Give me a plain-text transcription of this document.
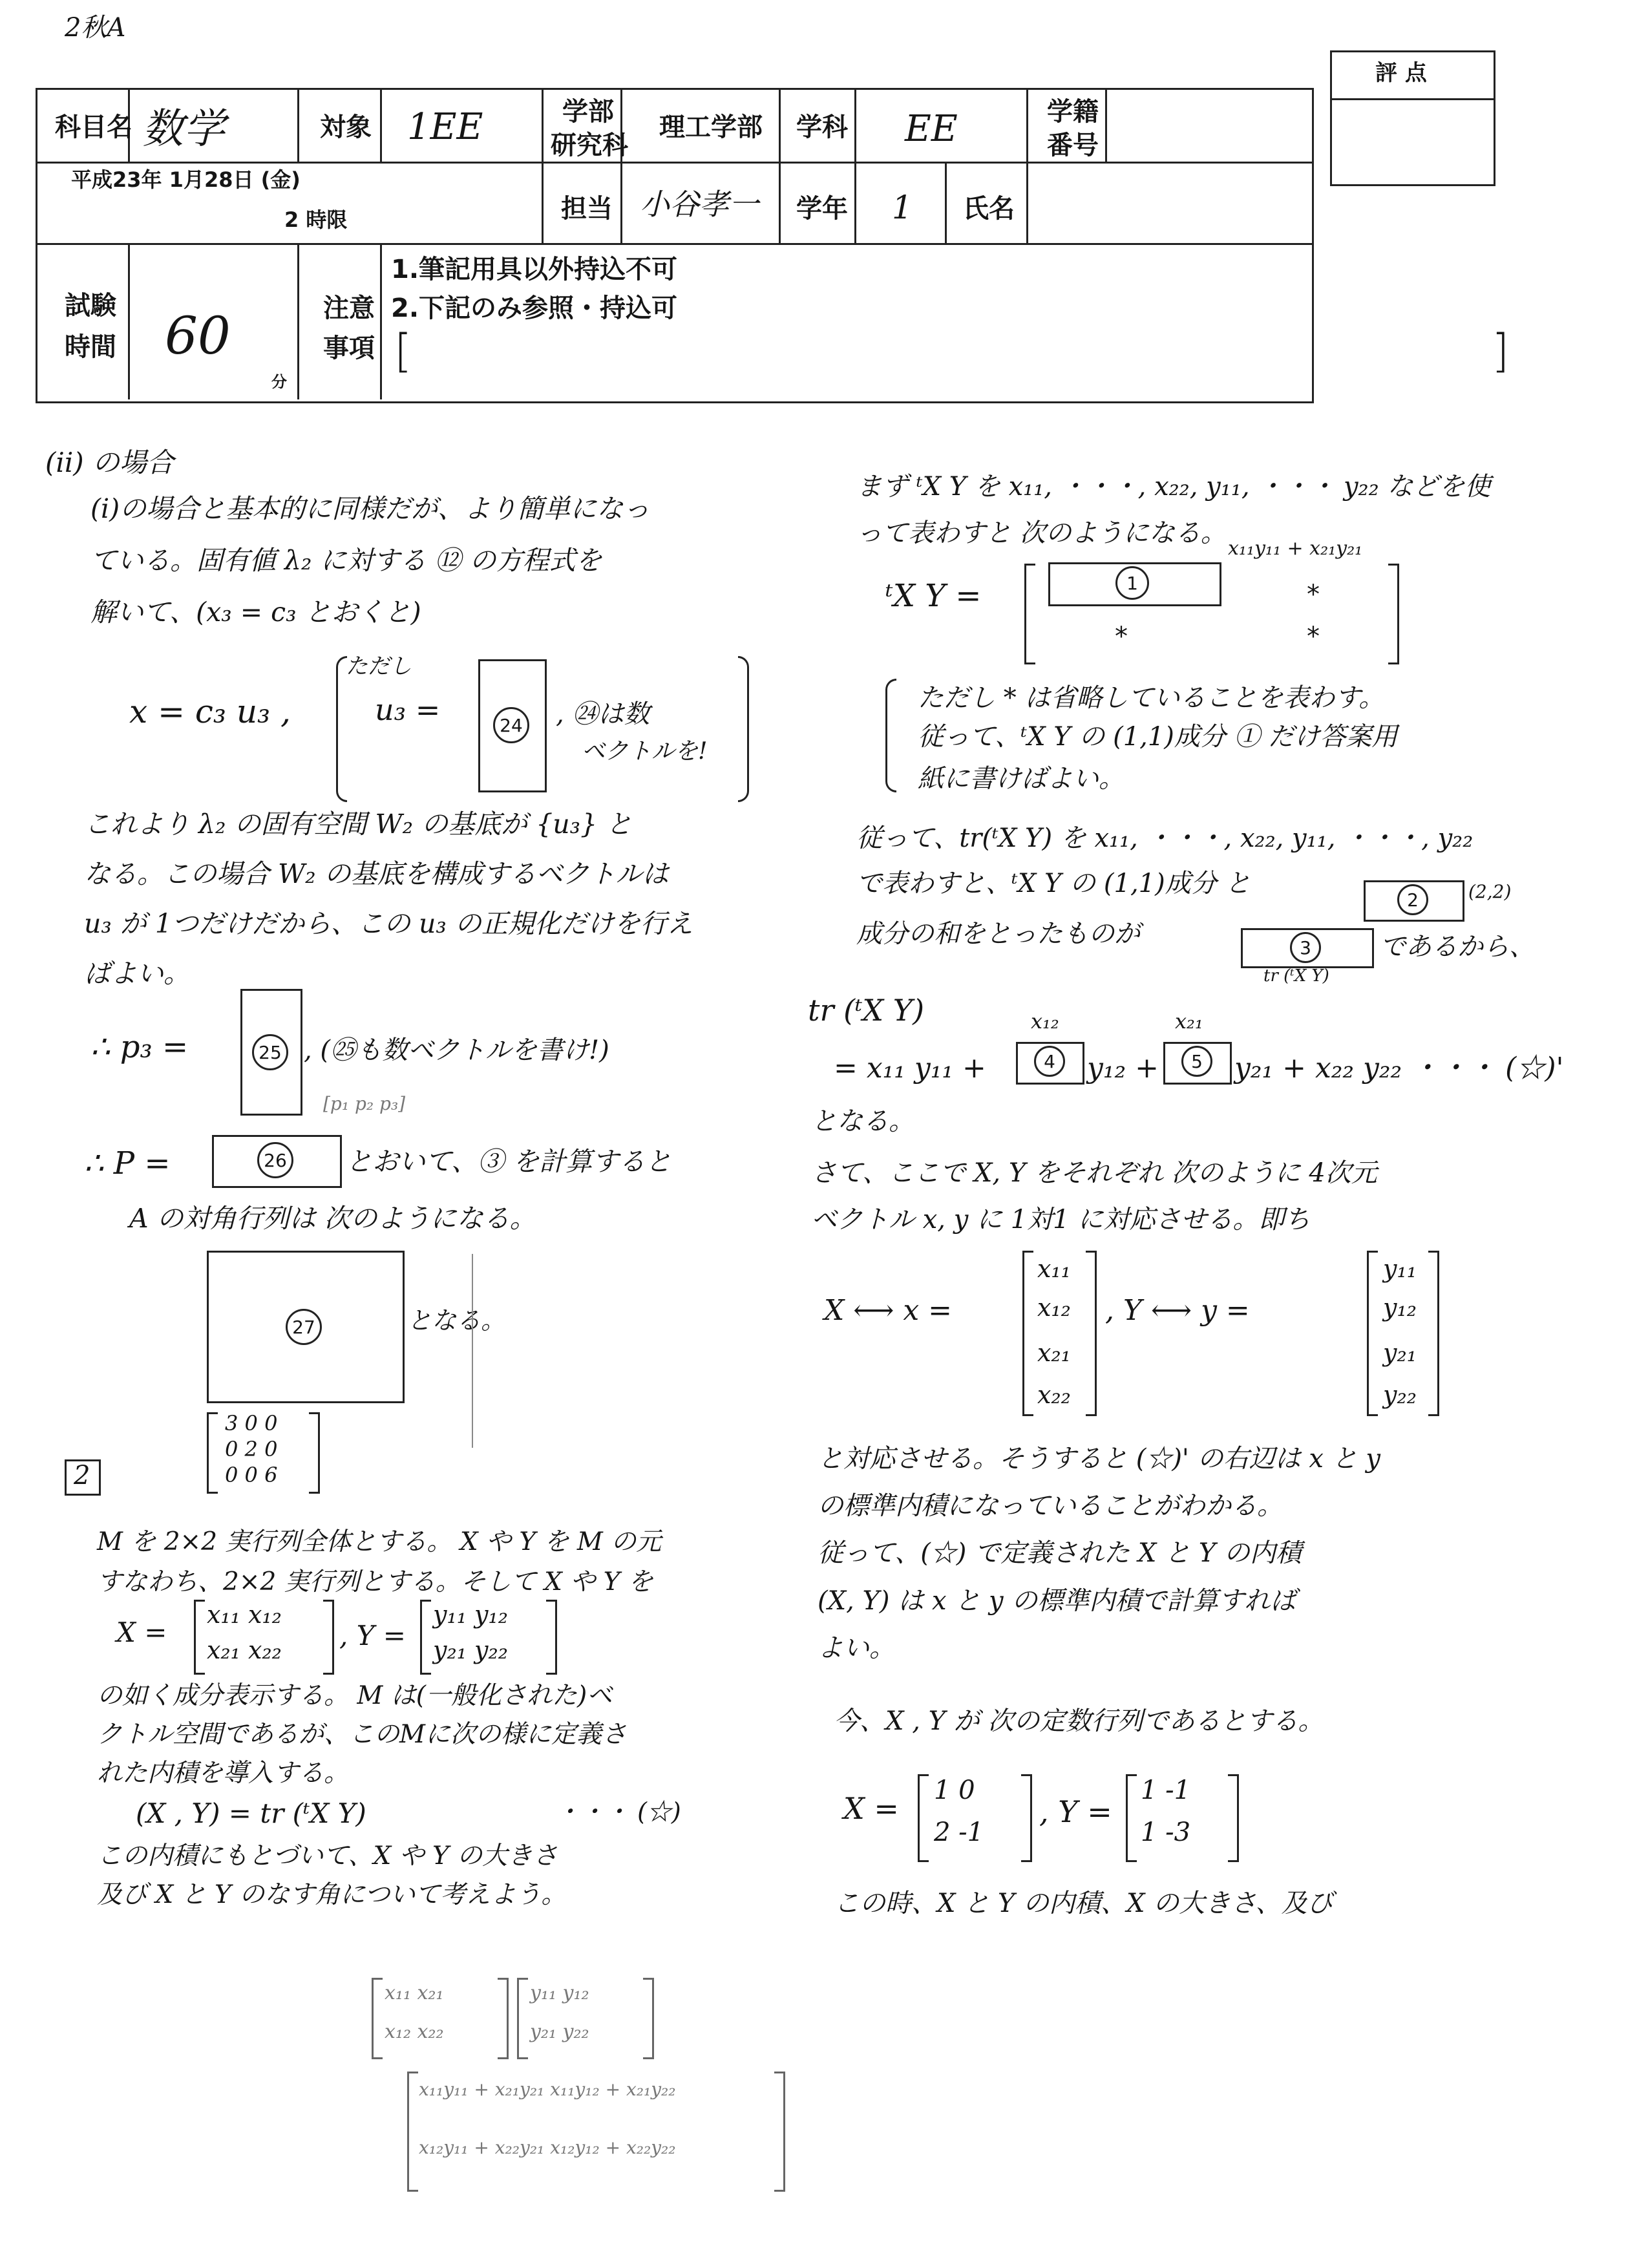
2秋A
評 点
科目名 数学	対象 1EE	学部
研究科
理工学部 学科 EE	学籍
番号
平成23年 1月28日 (金)
2 時限	担当 小谷孝一 学年 1 氏名
試験
時間 60
分
注意
事項
1.筆記用具以外持込不可
2.下記のみ参照・持込可
[	]
(ii) の場合
(i)の場合と基本的に同様だが、より簡単になっ
ている。固有値 λ₂ に対する ⑫ の方程式を
解いて、(x₃ = c₃ とおくと)
x = c₃ u₃ ,
ただし
u₃ =	24 , ㉔は数
ベクトルを!
これより λ₂ の固有空間 W₂ の基底が {u₃} と
なる。この場合 W₂ の基底を構成するベクトルは
u₃ が 1つだけだから、この u₃ の正規化だけを行え
ばよい。
∴ p₃ =	25 , (㉕も数ベクトルを書け!)
[p₁ p₂ p₃]
∴ P =	26 とおいて、③ を計算すると
A の対角行列は 次のようになる。
27	となる。
3 0 0
0 2 0
0 0 6
2
M を 2×2 実行列全体とする。 X や Y を M の元
すなわち、2×2 実行列とする。そして X や Y を
X =
x₁₁ x₁₂
x₂₁ x₂₂ , Y =
y₁₁ y₁₂
y₂₁ y₂₂
の如く成分表示する。 M は(一般化された)ベ
クトル空間であるが、このMに次の様に定義さ
れた内積を導入する。
(X , Y) = tr (ᵗX Y)	・・・ (☆)
この内積にもとづいて、X や Y の大きさ
及び X と Y のなす角について考えよう。
x₁₁ x₂₁
x₁₂ x₂₂
y₁₁ y₁₂
y₂₁ y₂₂
x₁₁y₁₁ + x₂₁y₂₁ x₁₁y₁₂ + x₂₁y₂₂
x₁₂y₁₁ + x₂₂y₂₁ x₁₂y₁₂ + x₂₂y₂₂
まず ᵗX Y を x₁₁, ・・・, x₂₂, y₁₁, ・・・ y₂₂ などを使
って表わすと 次のようになる。
x₁₁y₁₁ + x₂₁y₂₁
ᵗX Y =	1	*
*	*
ただし * は省略していることを表わす。
従って、ᵗX Y の (1,1)成分 ① だけ答案用
紙に書けばよい。
従って、tr(ᵗX Y) を x₁₁, ・・・, x₂₂, y₁₁, ・・・, y₂₂
で表わすと、ᵗX Y の (1,1)成分 と
2	(2,2)
成分の和をとったものが	3
tr (ᵗX Y)
であるから、
tr (ᵗX Y)
= x₁₁ y₁₁ +
x₁₂
4	y₁₂ +
x₂₁
5	y₂₁ + x₂₂ y₂₂ ・・・ (☆)'
となる。
さて、ここで X, Y をそれぞれ 次のように 4次元
ベクトル x, y に 1対1 に対応させる。即ち
X ⟷ x =
x₁₁
x₁₂
x₂₁
x₂₂
, Y ⟷ y =
y₁₁
y₁₂
y₂₁
y₂₂
と対応させる。そうすると (☆)' の右辺は x と y
の標準内積になっていることがわかる。
従って、(☆) で定義された X と Y の内積
(X, Y) は x と y の標準内積で計算すれば
よい。
今、X , Y が 次の定数行列であるとする。
X =
1 0
2 -1
, Y =
1 -1
1 -3
この時、X と Y の内積、X の大きさ、及び
